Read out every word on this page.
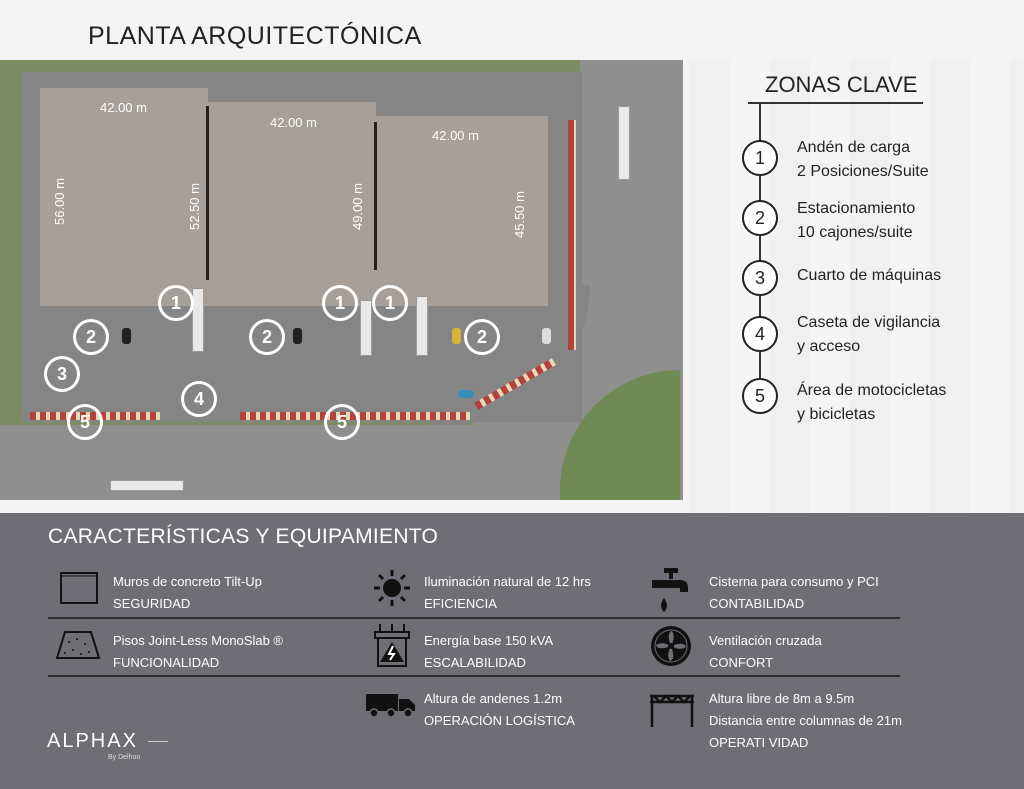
PLANTA ARQUITECTÓNICA
42.00 m
42.00 m
42.00 m
56.00 m	52.50 m	49.00 m	45.50 m
1	1	1
2	2	2
3
4
5	5
ZONAS CLAVE
1
Andén de carga
2 Posiciones/Suite
2	Estacionamiento
10 cajones/suite
3	Cuarto de máquinas
4
Caseta de vigilancia
y acceso
5	Área de motocicletas
y bicicletas
CARACTERÍSTICAS Y EQUIPAMIENTO
Muros de concreto Tilt-Up
SEGURIDAD
Iluminación natural de 12 hrs
EFICIENCIA
Cisterna para consumo y PCI
CONTABILIDAD
Pisos Joint-Less MonoSlab ®
FUNCIONALIDAD
Energía base 150 kVA
ESCALABILIDAD
Ventilación cruzada
CONFORT
Altura de andenes 1.2m
OPERACIÓN LOGÍSTICA
Altura libre de 8m a 9.5m
Distancia entre columnas de 21m
OPERATI VIDAD
ALPHAX
By Delhon
